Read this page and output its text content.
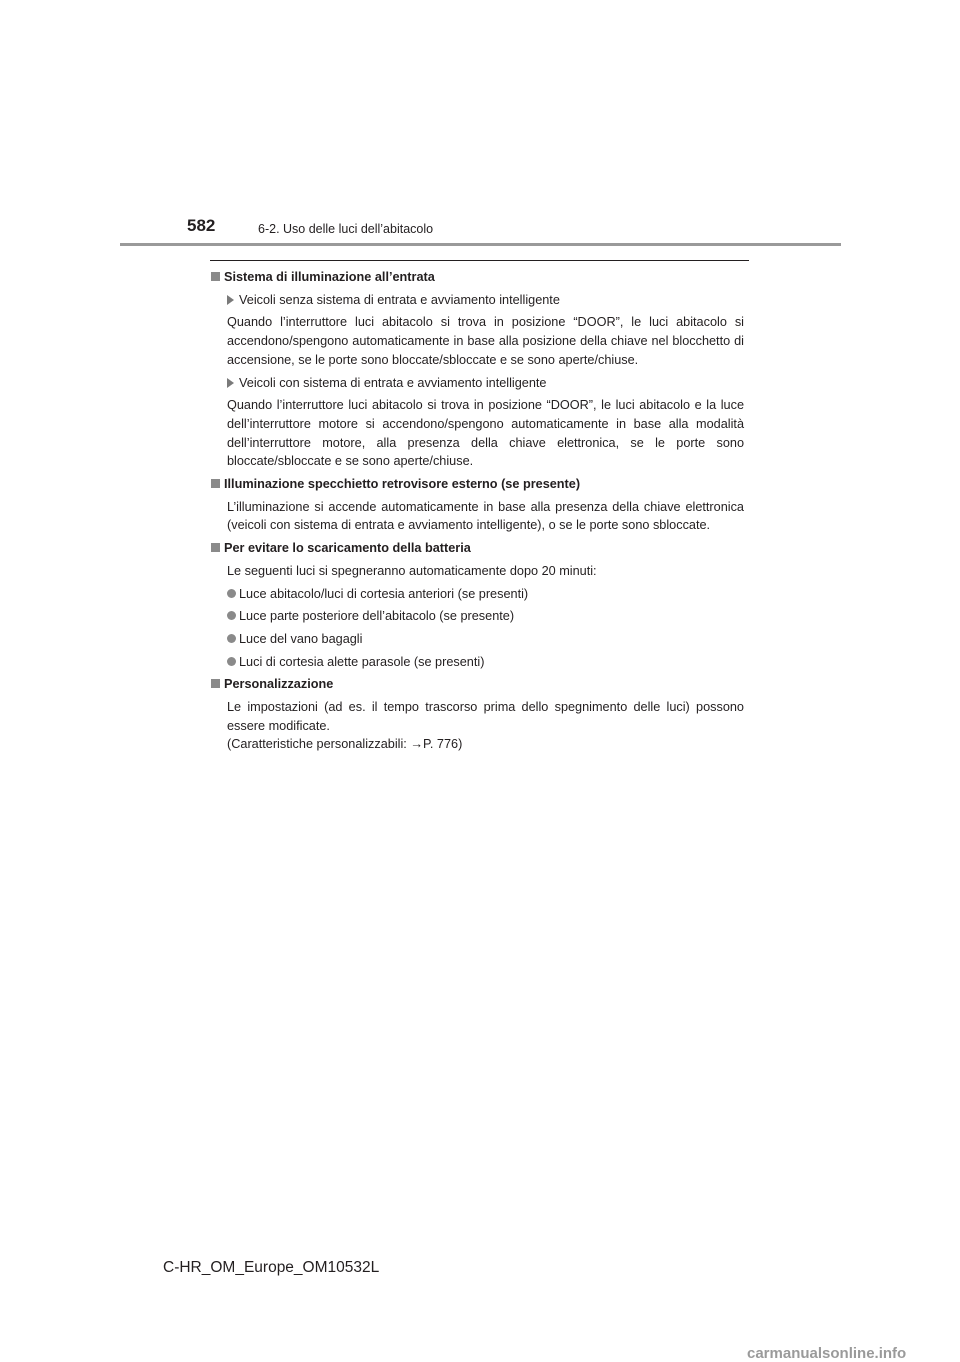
582	6-2. Uso delle luci dell’abitacolo
Sistema di illuminazione all’entrata
Veicoli senza sistema di entrata e avviamento intelligente
Quando l’interruttore luci abitacolo si trova in posizione “DOOR”, le luci abitacolo si accendono/spengono automaticamente in base alla posizione della chiave nel blocchetto di accensione, se le porte sono bloccate/sbloccate e se sono aperte/chiuse.
Veicoli con sistema di entrata e avviamento intelligente
Quando l’interruttore luci abitacolo si trova in posizione “DOOR”, le luci abitacolo e la luce dell’interruttore motore si accendono/spengono automaticamente in base alla modalità dell’interruttore motore, alla presenza della chiave elettronica, se le porte sono bloccate/sbloccate e se sono aperte/chiuse.
Illuminazione specchietto retrovisore esterno (se presente)
L’illuminazione si accende automaticamente in base alla presenza della chiave elettronica (veicoli con sistema di entrata e avviamento intelligente), o se le porte sono sbloccate.
Per evitare lo scaricamento della batteria
Le seguenti luci si spegneranno automaticamente dopo 20 minuti:
Luce abitacolo/luci di cortesia anteriori (se presenti)
Luce parte posteriore dell’abitacolo (se presente)
Luce del vano bagagli
Luci di cortesia alette parasole (se presenti)
Personalizzazione
Le impostazioni (ad es. il tempo trascorso prima dello spegnimento delle luci) possono essere modificate.
(Caratteristiche personalizzabili: →P. 776)
C-HR_OM_Europe_OM10532L
carmanualsonline.info
